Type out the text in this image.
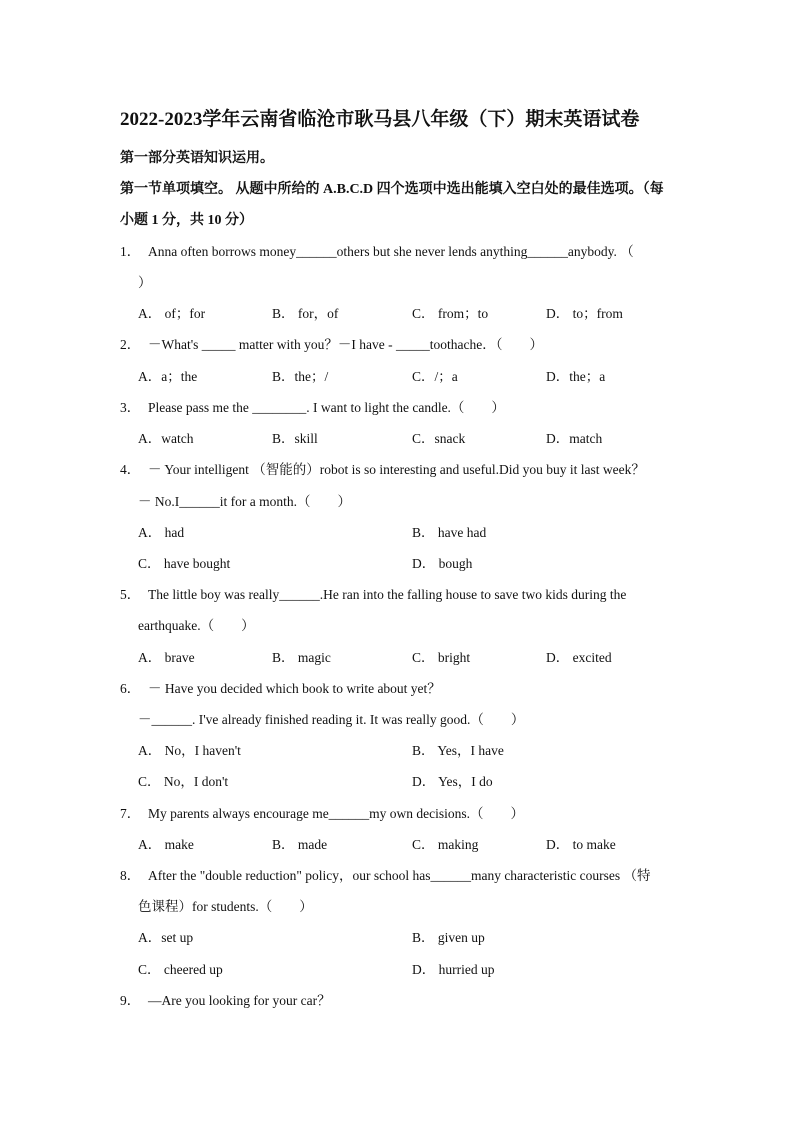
2022-2023学年云南省临沧市耿马县八年级（下）期末英语试卷
第一部分英语知识运用。
第一节单项填空。 从题中所给的 A.B.C.D 四个选项中选出能填入空白处的最佳选项。（每
小题 1 分，共 10 分）
1． Anna often borrows money______others but she never lends anything______anybody. （
）
A． of；for	B． for，of	C． from；to	D． to；from
2． －What's _____ matter with you？－I have - _____toothache．（　　）
A．a；the	B．the；/	C．/；a	D．the；a
3． Please pass me the ________. I want to light the candle.（　　）
A．watch	B．skill	C．snack	D．match
4． － Your intelligent （智能的）robot is so interesting and useful.Did you buy it last week？
－ No.I______it for a month.（　　）
A． had	B． have had
C． have bought	D． bough
5． The little boy was really______.He ran into the falling house to save two kids during the
earthquake.（　　）
A． brave	B． magic	C． bright	D． excited
6． － Have you decided which book to write about yet？
－______. I've already finished reading it. It was really good.（　　）
A． No，I haven't	B． Yes，I have
C． No，I don't	D． Yes，I do
7． My parents always encourage me______my own decisions.（　　）
A． make	B． made	C． making	D． to make
8． After the "double reduction" policy，our school has______many characteristic courses （特
色课程）for students.（　　）
A．set up	B． given up
C． cheered up	D． hurried up
9． —Are you looking for your car？
